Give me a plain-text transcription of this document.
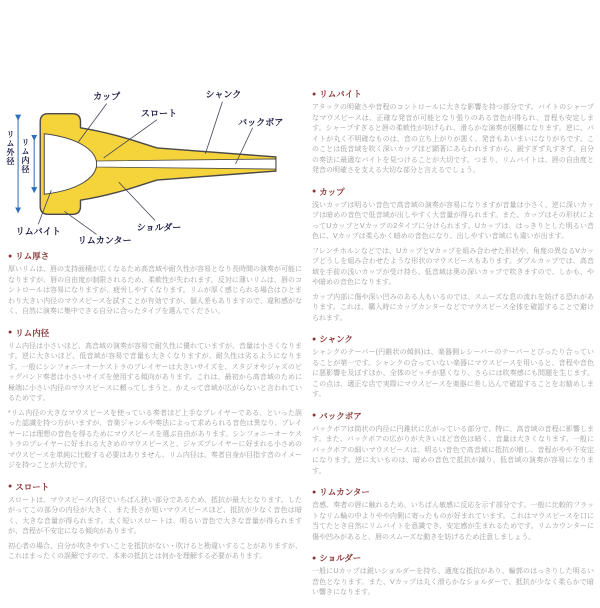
カップ
スロート
シャンク
バックボア
リムバイト
リムカンター
ショルダー
リム外径 リム内径
● リム厚さ

厚いリムは、唇の支持面積が広くなるため高音域や耐久性が容易となり長時間の演奏が可能になりますが、唇の自由度が制限されるため、柔軟性が失われます。反対に薄いリムは、唇のコントロールは容易になりますが、疲労しやすくなります。リムが厚く感じられる場合はひとまわり大きい内径のマウスピースを試すことが有効ですが、個人差もありますので、違和感がなく、自然に演奏に集中できる自分に合ったタイプを選んでください。

● リム内径

リム内径は小さいほど、高音域の演奏が容易で耐久性に優れていますが、音量は小さくなります。逆に大きいほど、低音域が容易で音量も大きくなりますが、耐久性は劣るようになります。一般にシンフォニーオーケストラのプレイヤーは大きいサイズを、スタジオやジャズのビッグバンド奏者は小さいサイズを使用する傾向があります。これは、最初から高音域のために極端に小さい内径のマウスピースに頼ってしまうと、かえって音域が広がらないと言われているためです。

*リム内径の大きなマウスピースを使っている奏者ほど上手なプレイヤーである、といった誤った認識を持つ方がいますが、音楽ジャンルや奏法によって求められる音色は異なり、プレイヤーには理想の音色を得るためにマウスピースを選ぶ自由があります。シンフォニーオーケストラのプレイヤーに好まれる大きめのマウスピースと、ジャズプレイヤーに好まれる小さめのマウスピースを単純に比較する必要はありません。リム内径は、奏者自身が目指す音のイメージを持つことが大切です。

● スロート

スロートは、マウスピース内径でいちばん狭い部分であるため、抵抗が最大となります。したがってこの部分の内径が大きく、また長さが短いマウスピースほど、抵抗が少なく音色は暗く、大きな音量が得られます。太く短いスロートは、明るい音色で大きな音量が得られますが、音程が不安定になる傾向があります。

初心者の場合、自分が吹きやすいことを抵抗がない・吹けると勘違いすることがありますが、これはまったくの誤解ですので、本来の抵抗とは何かを理解する必要があります。

● リムバイト

アタックの明確さや音程のコントロールに大きな影響を持つ部分です。バイトのシャープなマウスピースは、正確な発音が可能となり張りのある音色が得られ、音程も安定します。シャープすぎると唇の柔軟性が妨げられ、滑らかな演奏が困難になります。逆に、バイトが丸く不明確なものは、音の立ち上がりが悪く、発音もあいまいになりがちです。このことは低音域を吹く深いカップほど顕著にあらわれますから、鋭すぎず丸すぎず、自分の奏法に最適なバイトを見つけることが大切です。つまり、リムバイトは、唇の自由度と発音の明確さを支える大切な部分と言えるでしょう。

● カップ

浅いカップは明るい音色で高音域の演奏が容易になりますが音量は小さく、逆に深いカップは暗めの音色で低音域が出しやすく大音量が得られます。また、カップはその形状によってUカップとVカップの2タイプに分けられます。Uカップは、はっきりとした明るい音色に、Vカップは柔らかく暗めの音色になり、出しやすい音域にも違いが出ます。

フレンチホルンなどでは、UカップとVカップを組み合わせた形状や、角度の異なるVカップどうしを組み合わせたような形状のマウスピースもあります。ダブルカップでは、高音域を手前の浅いカップが受け持ち、低音域は奥の深いカップで吹きますので、しかも、やや暗めの音色になります。

カップ内部に傷や深い凹みのある人もいるのでは、スムーズな息の流れを妨げる恐れがあります。これは、購入時にカップカンターなどでマウスピース全体を確認することで避けられます。

● シャンク

シャンクのテーパー(円錐状の傾斜)は、楽器側レシーバーのテーパーとぴったり合っていることが第一です。シャンクの合っていない楽器にマウスピースを用いると、音程や音色に悪影響を及ぼすほか、全体のピッチが悪くなり、さらには吹奏感にも問題を生じます。この点は、適正な店で実際にマウスピースを楽器に差し込んで確認することをお勧めします。

● バックボア

バックボアは筒状の内径に円錐状に広がっている部分で、特に、高音域の音程に影響します。また、バックボアの広がりが大きいほど音色は暗く、音量は大きくなります。一般にバックボアの細いマウスピースは、明るい音色で高音域に抵抗が増し、音程がやや不安定になります。逆に太いものは、暗めの音色で抵抗が減り、低音域の演奏が容易になります。

● リムカンター

音感、奏者の唇に触れるため、いちばん敏感に反応を示す部分です。一般に比較的フラットなリム輪の中よりやや内側に寄ったものが好まれています。これはマウスピースを口に当てたとき自然にリムバイトを意識でき、安定感が生まれるためです。リムカウンターに傷や凹みがあると、唇のスムーズな動きを妨げるため注意しましょう。

● ショルダー

一般にUカップは鋭いショルダーを持ち、適度な抵抗があり、輪郭のはっきりした明るい音色となります。また、Vカップは丸く滑らかなショルダーで、抵抗が少なく柔らかで暗い響きになります。
